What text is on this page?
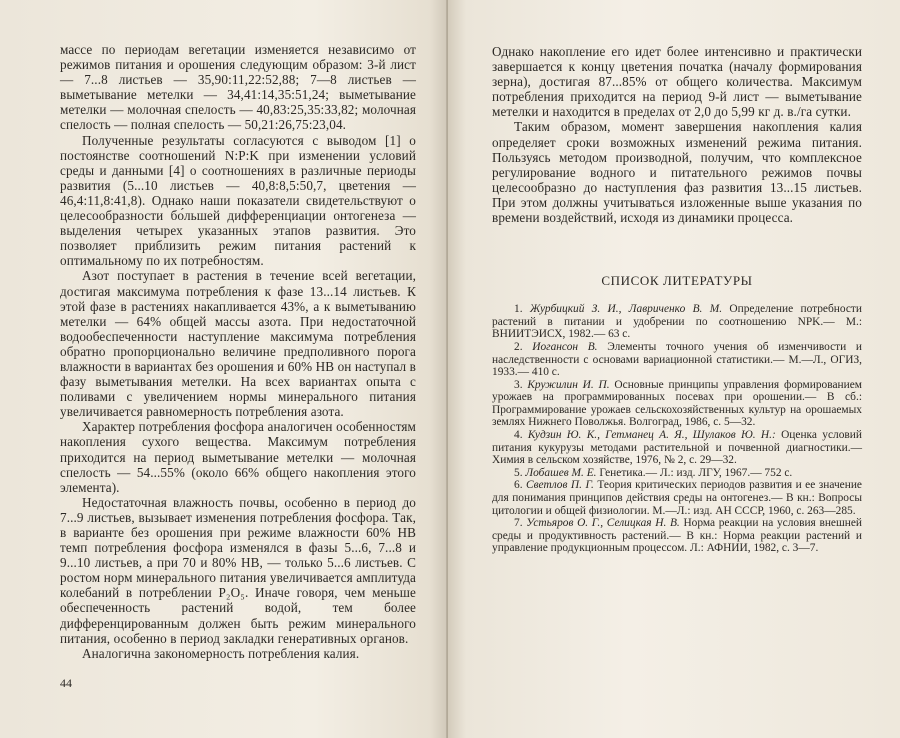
массе по периодам вегетации изменяется независимо от режимов питания и орошения следующим образом: 3-й лист — 7...8 листьев — 35,90:11,22:52,88; 7—8 листьев — выметывание метелки — 34,41:14,35:51,24; выметывание метелки — молочная спелость — 40,83:25,35:33,82; молочная спелость — полная спелость — 50,21:26,75:23,04.

Полученные результаты согласуются с выводом [1] о постоянстве соотношений N:P:K при изменении условий среды и данными [4] о соотношениях в различные периоды развития (5...10 листьев — 40,8:8,5:50,7, цветения — 46,4:11,8:41,8). Однако наши показатели свидетельствуют о целесообразности бо́льшей дифференциации онтогенеза — выделения четырех указанных этапов развития. Это позволяет приблизить режим питания растений к оптимальному по их потребностям.

Азот поступает в растения в течение всей вегетации, достигая максимума потребления к фазе 13...14 листьев. К этой фазе в растениях накапливается 43%, а к выметыванию метелки — 64% общей массы азота. При недостаточной водообеспеченности наступление максимума потребления обратно пропорционально величине предполивного порога влажности в вариантах без орошения и 60% НВ он наступал в фазу выметывания метелки. На всех вариантах опыта с поливами с увеличением нормы минерального питания увеличивается равномерность потребления азота.

Характер потребления фосфора аналогичен особенностям накопления сухого вещества. Максимум потребления приходится на период выметывание метелки — молочная спелость — 54...55% (около 66% общего накопления этого элемента).

Недостаточная влажность почвы, особенно в период до 7...9 листьев, вызывает изменения потребления фосфора. Так, в варианте без орошения при режиме влажности 60% НВ темп потребления фосфора изменялся в фазы 5...6, 7...8 и 9...10 листьев, а при 70 и 80% НВ, — только 5...6 листьев. С ростом норм минерального питания увеличивается амплитуда колебаний в потреблении P₂O₅. Иначе говоря, чем меньше обеспеченность растений водой, тем более дифференцированным должен быть режим минерального питания, особенно в период закладки генеративных органов.

Аналогична закономерность потребления калия.

44

Однако накопление его идет более интенсивно и практически завершается к концу цветения початка (началу формирования зерна), достигая 87...85% от общего количества. Максимум потребления приходится на период 9-й лист — выметывание метелки и находится в пределах от 2,0 до 5,99 кг д. в./га сутки.

Таким образом, момент завершения накопления калия определяет сроки возможных изменений режима питания. Пользуясь методом производной, получим, что комплексное регулирование водного и питательного режимов почвы целесообразно до наступления фаз развития 13...15 листьев. При этом должны учитываться изложенные выше указания по времени воздействий, исходя из динамики процесса.

СПИСОК ЛИТЕРАТУРЫ

1. Журбицкий З. И., Лавриченко В. М. Определение потребности растений в питании и удобрении по соотношению NPK.— М.: ВНИИТЭИСХ, 1982.— 63 с.

2. Иогансон В. Элементы точного учения об изменчивости и наследственности с основами вариационной статистики.— М.—Л., ОГИЗ, 1933.— 410 с.

3. Кружилин И. П. Основные принципы управления формированием урожаев на программированных посевах при орошении.— В сб.: Программирование урожаев сельскохозяйственных культур на орошаемых землях Нижнего Поволжья. Волгоград, 1986, с. 5—32.

4. Кудзин Ю. К., Гетманец А. Я., Шулаков Ю. Н.: Оценка условий питания кукурузы методами растительной и почвенной диагностики.— Химия в сельском хозяйстве, 1976, № 2, с. 29—32.

5. Лобашев М. Е. Генетика.— Л.: изд. ЛГУ, 1967.— 752 с.

6. Светлов П. Г. Теория критических периодов развития и ее значение для понимания принципов действия среды на онтогенез.— В кн.: Вопросы цитологии и общей физиологии. М.—Л.: изд. АН СССР, 1960, с. 263—285.

7. Устьяров О. Г., Селицкая Н. В. Норма реакции на условия внешней среды и продуктивность растений.— В кн.: Норма реакции растений и управление продукционным процессом. Л.: АФНИИ, 1982, с. 3—7.
